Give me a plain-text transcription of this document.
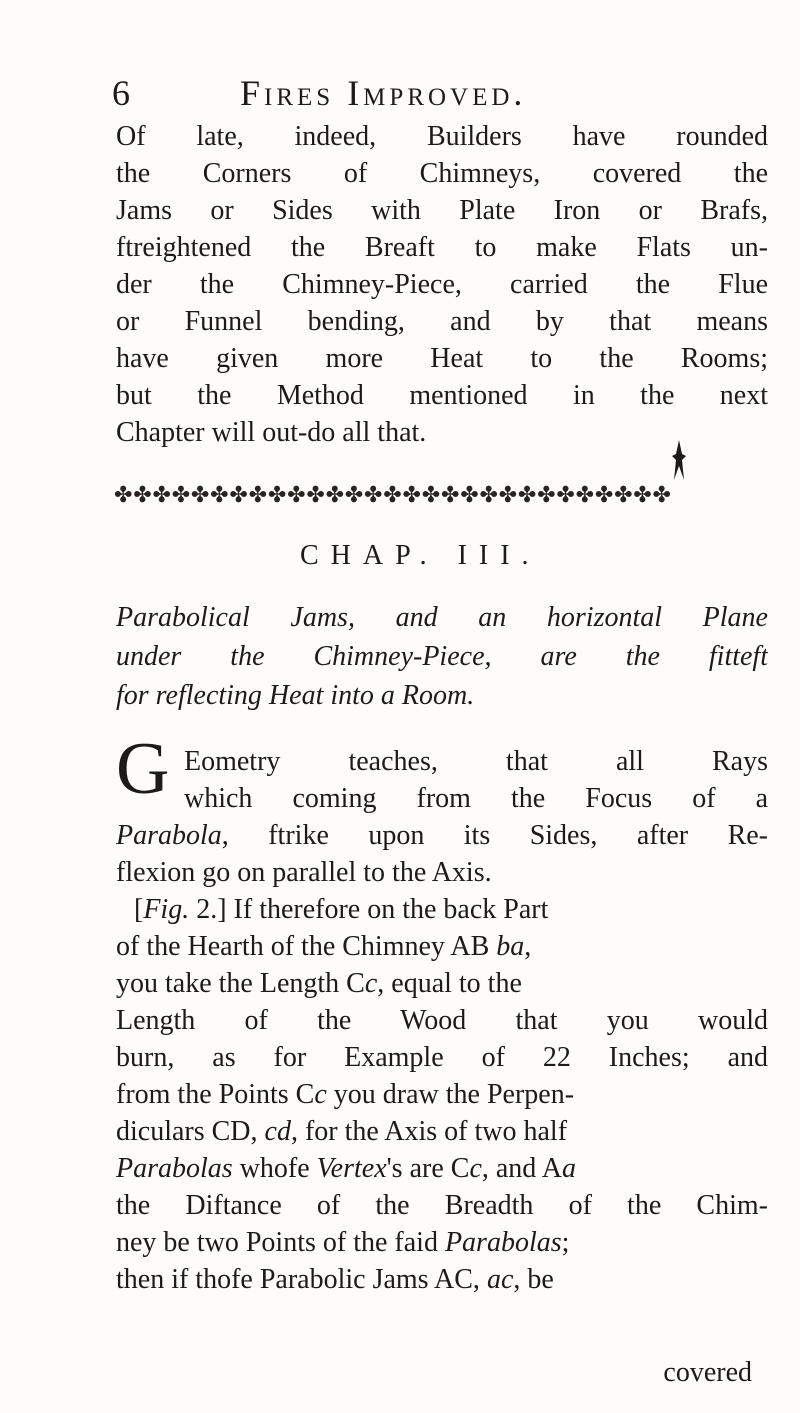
6	Fires Improved.
Of late, indeed, Builders have rounded
the Corners of Chimneys, covered the
Jams or Sides with Plate Iron or Brafs,
ftreightened the Breaft to make Flats un-
der the Chimney-Piece, carried the Flue
or Funnel bending, and by that means
have given more Heat to the Rooms;
but the Method mentioned in the next
Chapter will out-do all that.
✤✤✤✤✤✤✤✤✤✤✤✤✤✤✤✤✤✤✤✤✤✤✤✤✤✤✤✤✤
CHAP. III.
Parabolical Jams, and an horizontal Plane
under the Chimney-Piece, are the fitteft
for reflecting Heat into a Room.
G Eometry teaches, that all Rays
which coming from the Focus of a
Parabola, ftrike upon its Sides, after Re-
flexion go on parallel to the Axis.
[Fig. 2.] If therefore on the back Part
of the Hearth of the Chimney AB ba,
you take the Length Cc, equal to the
Length of the Wood that you would
burn, as for Example of 22 Inches; and
from the Points Cc you draw the Perpen-
diculars CD, cd, for the Axis of two half
Parabolas whofe Vertex's are Cc, and Aa
the Diftance of the Breadth of the Chim-
ney be two Points of the faid Parabolas;
then if thofe Parabolic Jams AC, ac, be
covered
